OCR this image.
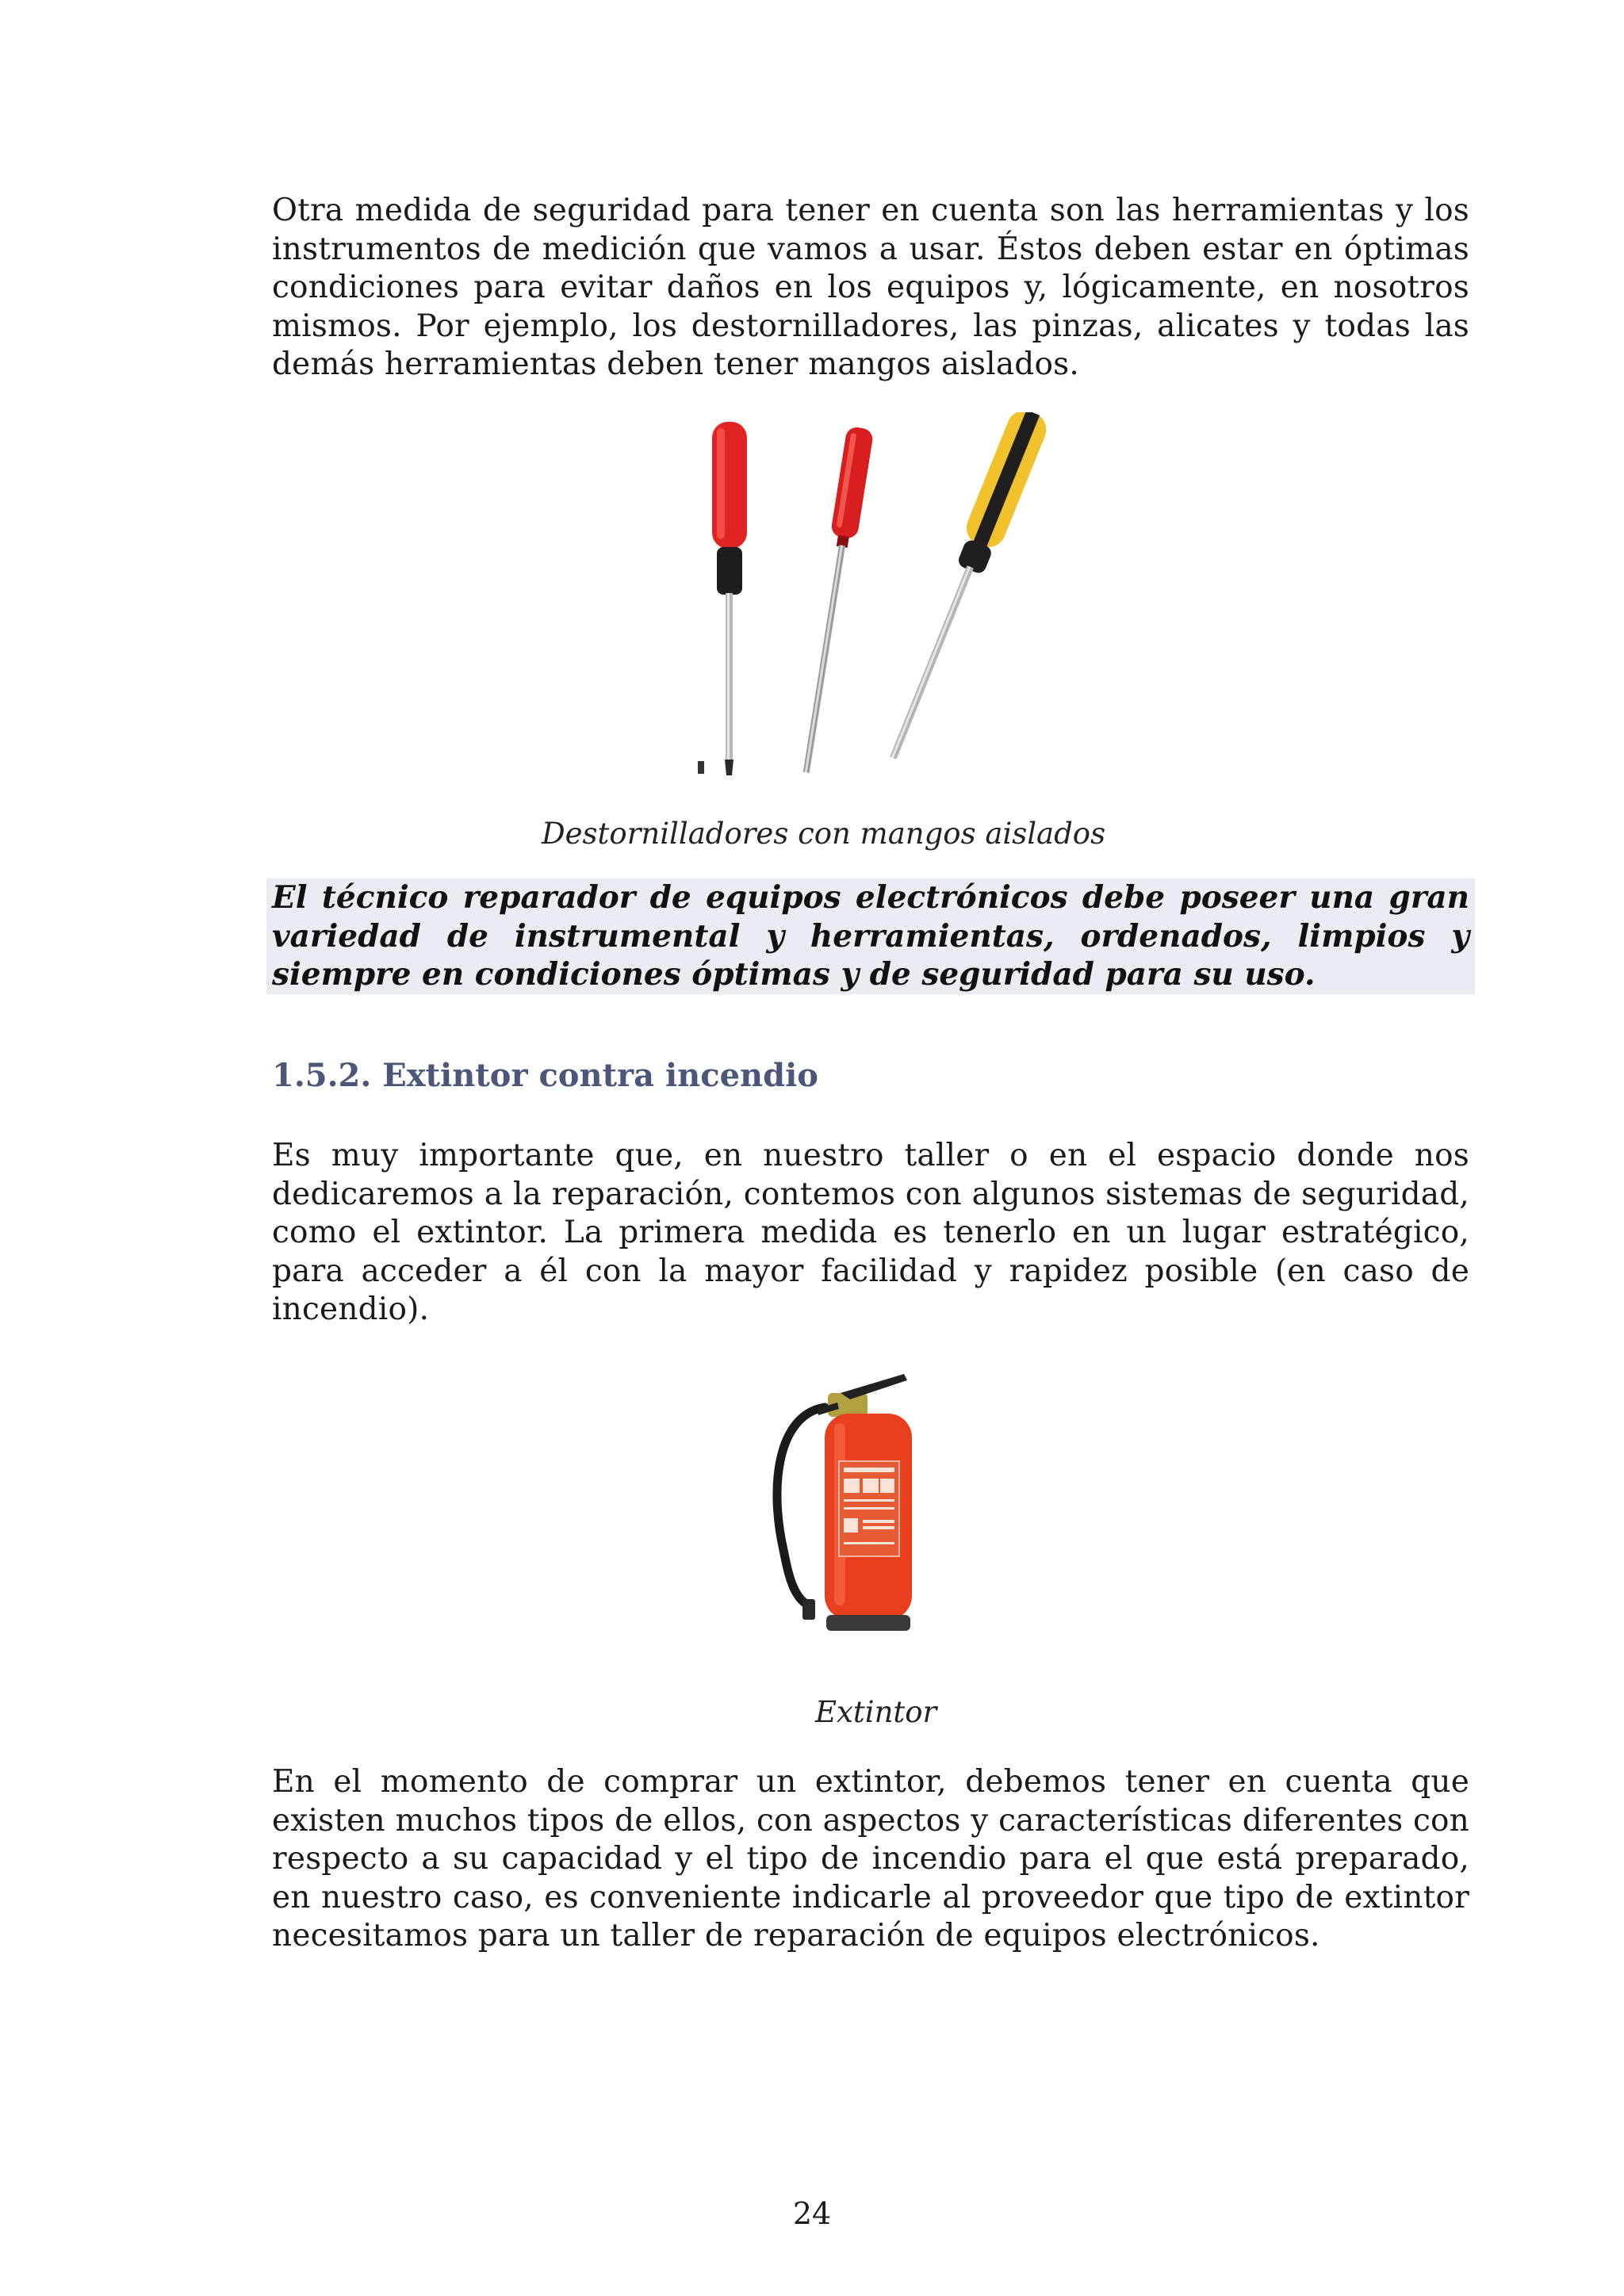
Otra medida de seguridad para tener en cuenta son las herramientas y los instrumentos de medición que vamos a usar. Éstos deben estar en óptimas condiciones para evitar daños en los equipos y, lógicamente, en nosotros mismos. Por ejemplo, los destornilladores, las pinzas, alicates y todas las demás herramientas deben tener mangos aislados.

Destornilladores con mangos aislados

El técnico reparador de equipos electrónicos debe poseer una gran variedad de instrumental y herramientas, ordenados, limpios y siempre en condiciones óptimas y de seguridad para su uso.

1.5.2. Extintor contra incendio

Es muy importante que, en nuestro taller o en el espacio donde nos dedicaremos a la reparación, contemos con algunos sistemas de seguridad, como el extintor. La primera medida es tenerlo en un lugar estratégico, para acceder a él con la mayor facilidad y rapidez posible (en caso de incendio).

Extintor

En el momento de comprar un extintor, debemos tener en cuenta que existen muchos tipos de ellos, con aspectos y características diferentes con respecto a su capacidad y el tipo de incendio para el que está preparado, en nuestro caso, es conveniente indicarle al proveedor que tipo de extintor necesitamos para un taller de reparación de equipos electrónicos.

24
